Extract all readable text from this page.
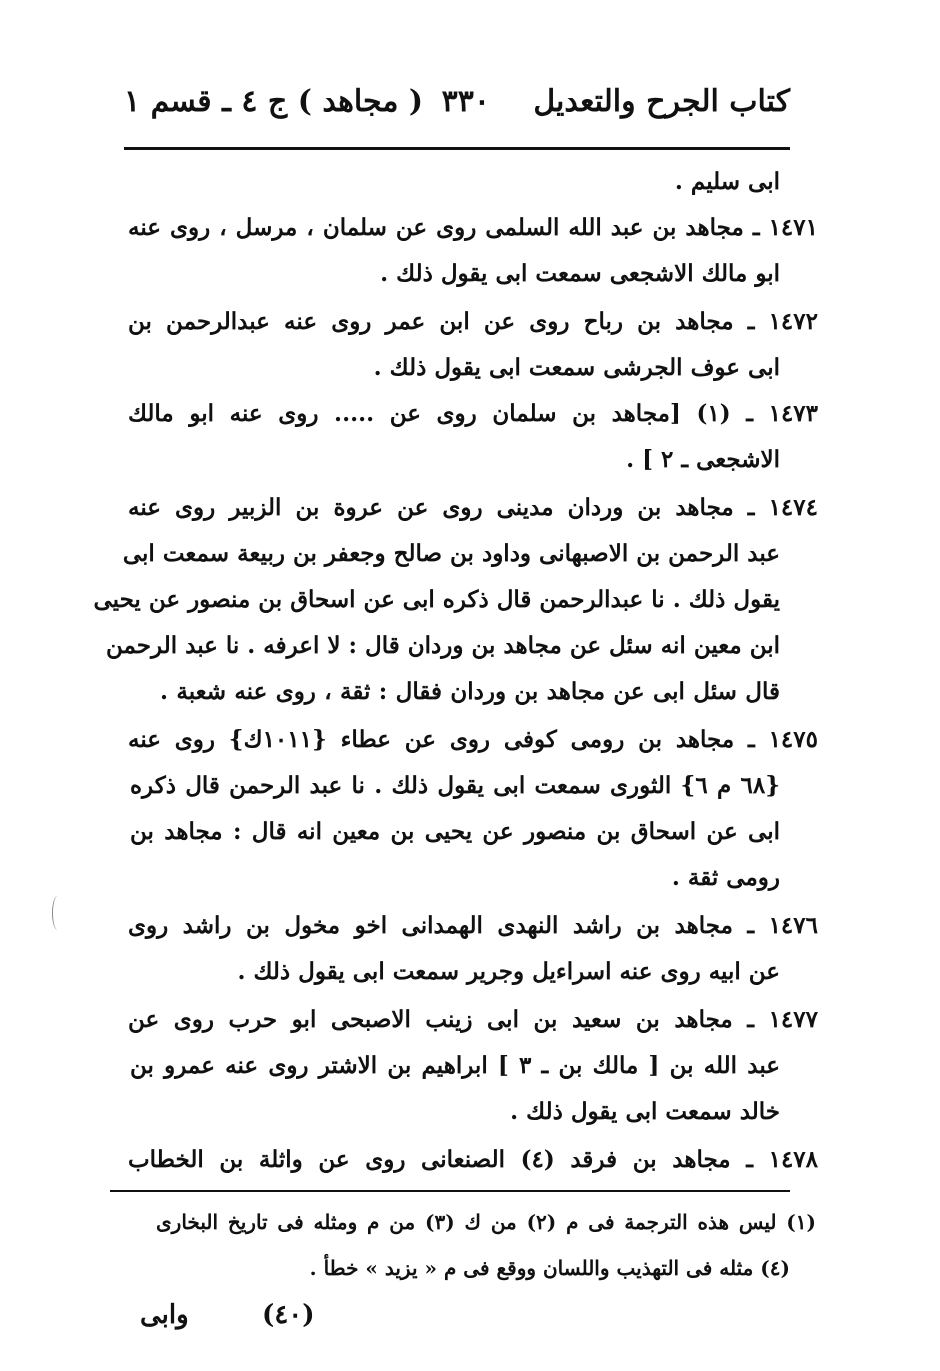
كتاب الجرح والتعديل
٣٣٠
( مجاهد ) ج ٤ ـ قسم ١
ابى سليم .
١٤٧١ ـ مجاهد بن عبد الله السلمى روى عن سلمان ، مرسل ، روى عنه
ابو مالك الاشجعى سمعت ابى يقول ذلك .
١٤٧٢ ـ مجاهد بن رباح روى عن ابن عمر روى عنه عبدالرحمن بن
ابى عوف الجرشى سمعت ابى يقول ذلك .
١٤٧٣ ـ (١) [مجاهد بن سلمان روى عن ..... روى عنه ابو مالك
الاشجعى ـ ٢ ] .
١٤٧٤ ـ مجاهد بن وردان مدينى روى عن عروة بن الزبير روى عنه
عبد الرحمن بن الاصبهانى وداود بن صالح وجعفر بن ربيعة سمعت ابى
يقول ذلك . نا عبدالرحمن قال ذكره ابى عن اسحاق بن منصور عن يحيى
ابن معين انه سئل عن مجاهد بن وردان قال : لا اعرفه . نا عبد الرحمن
قال سئل ابى عن مجاهد بن وردان فقال : ثقة ، روى عنه شعبة .
١٤٧٥ ـ مجاهد بن رومى كوفى روى عن عطاء {١٠١١ك} روى عنه
{٦٨ م ٦} الثورى سمعت ابى يقول ذلك . نا عبد الرحمن قال ذكره
ابى عن اسحاق بن منصور عن يحيى بن معين انه قال : مجاهد بن
رومى ثقة .
١٤٧٦ ـ مجاهد بن راشد النهدى الهمدانى اخو مخول بن راشد روى
عن ابيه روى عنه اسراءيل وجرير سمعت ابى يقول ذلك .
١٤٧٧ ـ مجاهد بن سعيد بن ابى زينب الاصبحى ابو حرب روى عن
عبد الله بن [ مالك بن ـ ٣ ] ابراهيم بن الاشتر روى عنه عمرو بن
خالد سمعت ابى يقول ذلك .
١٤٧٨ ـ مجاهد بن فرقد (٤) الصنعانى روى عن واثلة بن الخطاب
(١) ليس هذه الترجمة فى م (٢) من ك (٣) من م ومثله فى تاريخ البخارى
(٤) مثله فى التهذيب واللسان ووقع فى م « يزيد » خطأ .
(٤٠)
وابى
